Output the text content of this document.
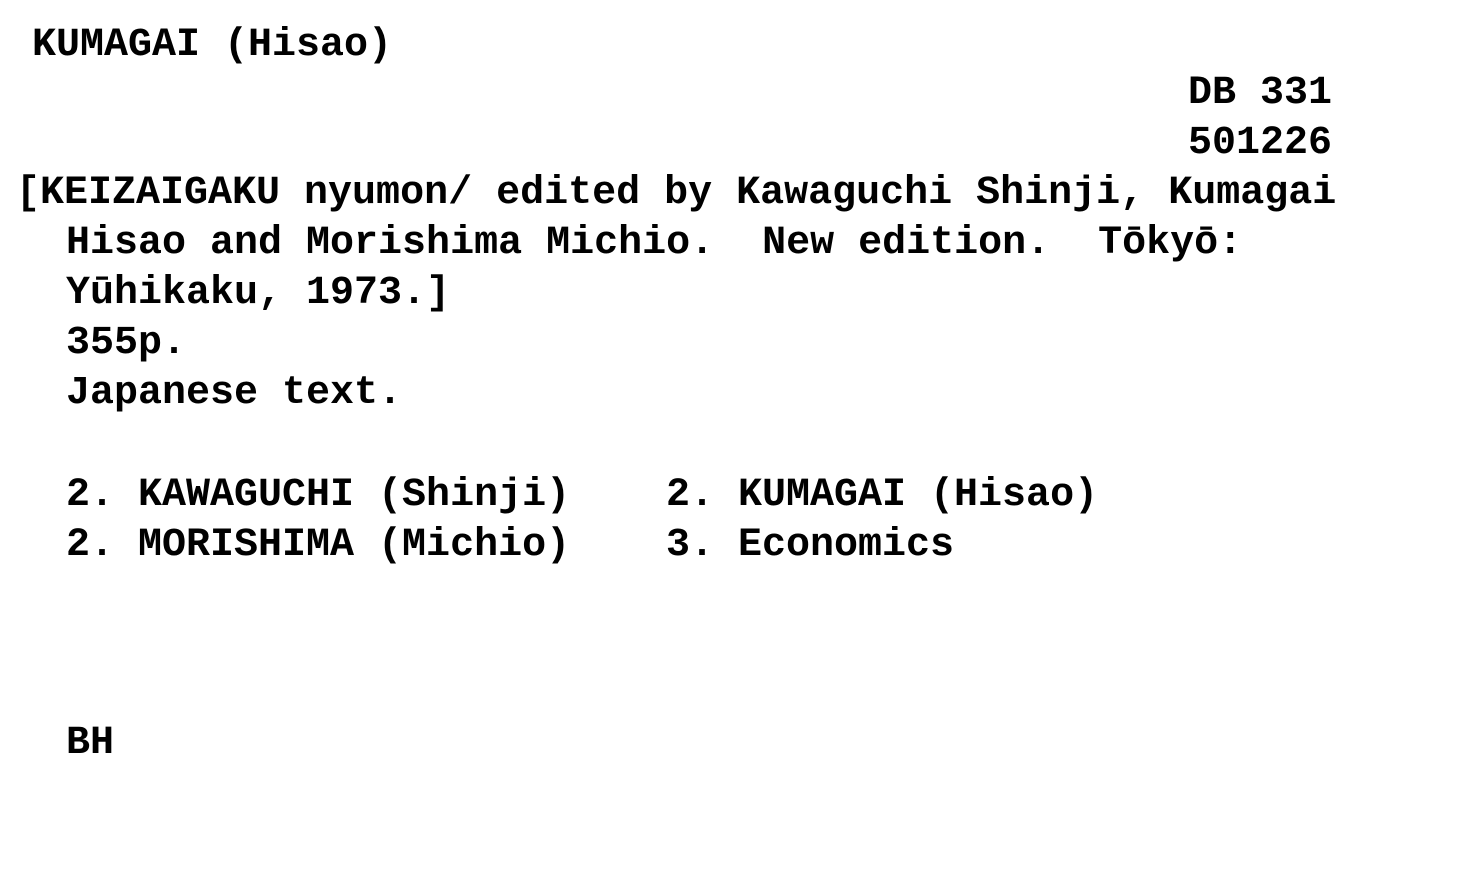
KUMAGAI (Hisao)
DB 331
501226
[KEIZAIGAKU nyumon/ edited by Kawaguchi Shinji, Kumagai
Hisao and Morishima Michio.  New edition.  Tōkyō:
Yūhikaku, 1973.]
355p.
Japanese text.
2. KAWAGUCHI (Shinji) 2. KUMAGAI (Hisao)
2. MORISHIMA (Michio) 3. Economics
BH
